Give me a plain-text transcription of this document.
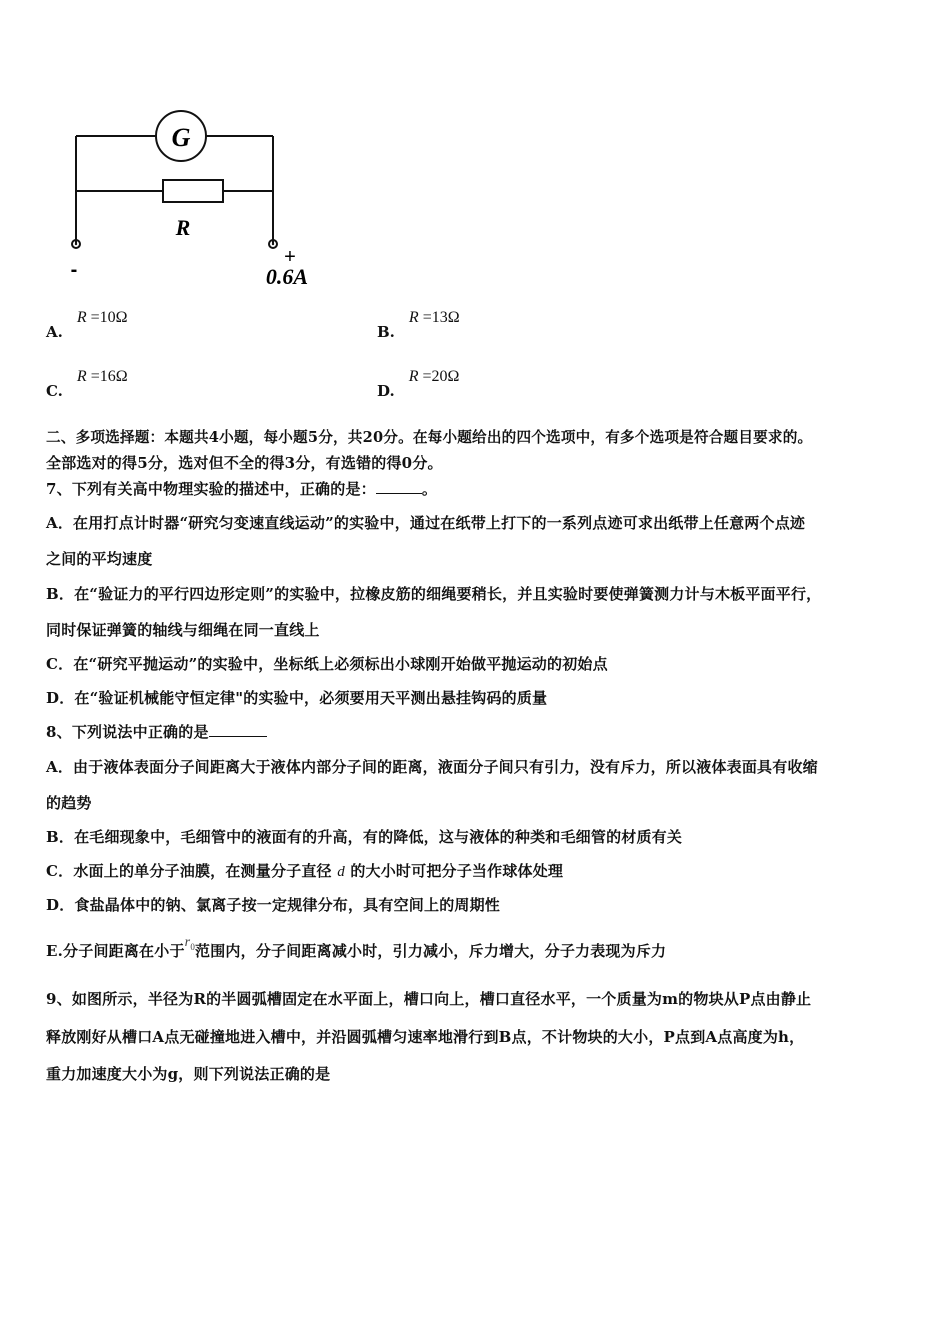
G
R
-
+
0.6A
A.R =10Ω
B.R =13Ω
C.R =16Ω
D.R =20Ω
二、多项选择题：本题共4小题，每小题5分，共20分。在每小题给出的四个选项中，有多个选项是符合题目要求的。
全部选对的得5分，选对但不全的得3分，有选错的得0分。
7、下列有关高中物理实验的描述中，正确的是：	。
A．在用打点计时器“研究匀变速直线运动”的实验中，通过在纸带上打下的一系列点迹可求出纸带上任意两个点迹
之间的平均速度
B．在“验证力的平行四边形定则”的实验中，拉橡皮筋的细绳要稍长，并且实验时要使弹簧测力计与木板平面平行，
同时保证弹簧的轴线与细绳在同一直线上
C．在“研究平抛运动”的实验中，坐标纸上必须标出小球刚开始做平抛运动的初始点
D．在“验证机械能守恒定律"的实验中，必须要用天平测出悬挂钩码的质量
8、下列说法中正确的是
A．由于液体表面分子间距离大于液体内部分子间的距离，液面分子间只有引力，没有斥力，所以液体表面具有收缩
的趋势
B．在毛细现象中，毛细管中的液面有的升高，有的降低，这与液体的种类和毛细管的材质有关
C．水面上的单分子油膜，在测量分子直径 d 的大小时可把分子当作球体处理
D．食盐晶体中的钠、氯离子按一定规律分布，具有空间上的周期性
E.分子间距离在小于$r_0$范围内，分子间距离减小时，引力减小，斥力增大，分子力表现为斥力
9、如图所示，半径为R的半圆弧槽固定在水平面上，槽口向上，槽口直径水平，一个质量为m的物块从P点由静止
释放刚好从槽口A点无碰撞地进入槽中，并沿圆弧槽匀速率地滑行到B点，不计物块的大小，P点到A点高度为h，
重力加速度大小为g，则下列说法正确的是
